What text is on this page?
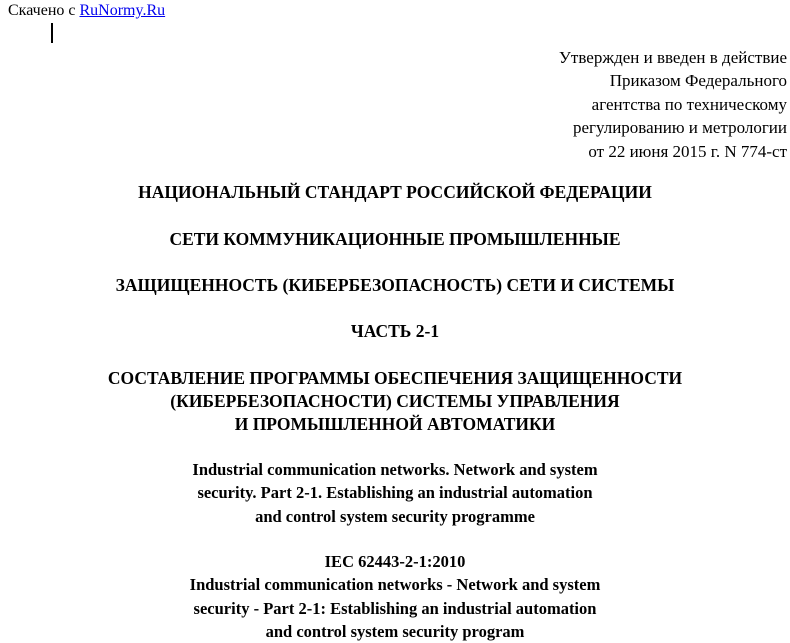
Скачено с RuNormy.Ru
Утвержден и введен в действие
Приказом Федерального
агентства по техническому
регулированию и метрологии
от 22 июня 2015 г. N 774-ст
НАЦИОНАЛЬНЫЙ СТАНДАРТ РОССИЙСКОЙ ФЕДЕРАЦИИ
СЕТИ КОММУНИКАЦИОННЫЕ ПРОМЫШЛЕННЫЕ
ЗАЩИЩЕННОСТЬ (КИБЕРБЕЗОПАСНОСТЬ) СЕТИ И СИСТЕМЫ
ЧАСТЬ 2-1
СОСТАВЛЕНИЕ ПРОГРАММЫ ОБЕСПЕЧЕНИЯ ЗАЩИЩЕННОСТИ
(КИБЕРБЕЗОПАСНОСТИ) СИСТЕМЫ УПРАВЛЕНИЯ
И ПРОМЫШЛЕННОЙ АВТОМАТИКИ
Industrial communication networks. Network and system
security. Part 2-1. Establishing an industrial automation
and control system security programme
IEC 62443-2-1:2010
Industrial communication networks - Network and system
security - Part 2-1: Establishing an industrial automation
and control system security program
